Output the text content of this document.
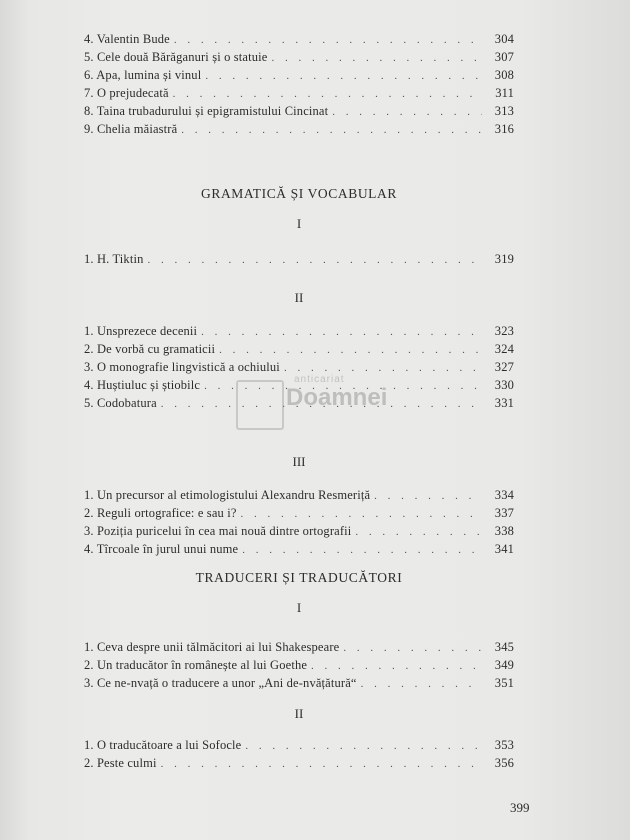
4. Valentin Bude . . .	304
5. Cele două Bărăganuri și o statuie . . .	307
6. Apa, lumina și vinul . . .	308
7. O prejudecată . . .	311
8. Taina trubadurului și epigramistului Cincinat . . .	313
9. Chelia măiastră . . .	316
GRAMATICĂ ȘI VOCABULAR
I
1. H. Tiktin . . .	319
II
1. Unsprezece decenii . . .	323
2. De vorbă cu gramaticii . . .	324
3. O monografie lingvistică a ochiului . . .	327
4. Huștiuluc și știobilc . . .	330
5. Codobatura . . .	331
anticariat
Doamnei
III
1. Un precursor al etimologistului Alexandru Resmeriță . . .	334
2. Reguli ortografice: e sau i? . . .	337
3. Poziția puricelui în cea mai nouă dintre ortografii . . .	338
4. Tîrcoale în jurul unui nume . . .	341
TRADUCERI ȘI TRADUCĂTORI
I
1. Ceva despre unii tălmăcitori ai lui Shakespeare . . .	345
2. Un traducător în românește al lui Goethe . . .	349
3. Ce ne-nvață o traducere a unor „Ani de-nvățătură“ . . .	351
II
1. O traducătoare a lui Sofocle . . .	353
2. Peste culmi . . .	356
399
